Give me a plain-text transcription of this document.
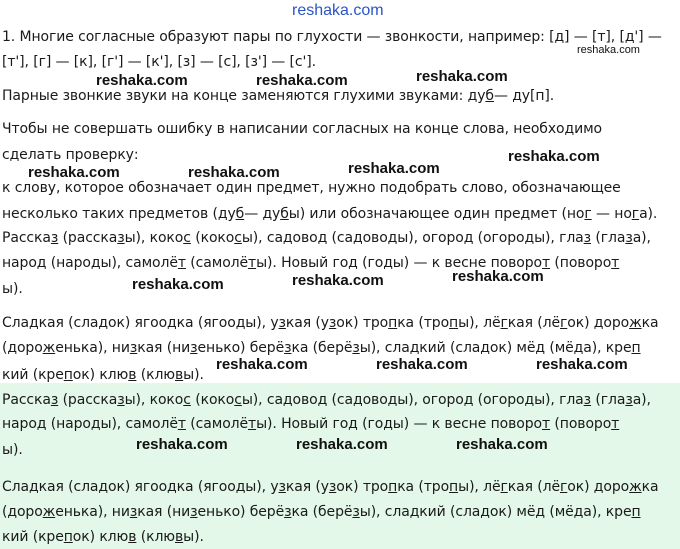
reshaka.com
1. Многие согласные образуют пары по глухости — звонкости, например: [д] — [т], [д'] —
[т'], [г] — [к], [г'] — [к'], [з] — [с], [з'] — [с'].
reshaka.com
reshaka.com	reshaka.com	reshaka.com
Парные звонкие звуки на конце заменяются глухими звуками: дуб— ду[п].
Чтобы не совершать ошибку в написании согласных на конце слова, необходимо
сделать проверку:	reshaka.com
reshaka.com	reshaka.com	reshaka.com
к слову, которое обозначает один предмет, нужно подобрать слово, обозначающее
несколько таких предметов (дуб— дубы) или обозначающее один предмет (ног — нога).
Рассказ (рассказы), кокос (кокосы), садовод (садоводы), огород (огороды), глаз (глаза),
народ (народы), самолёт (самолёты). Новый год (годы) — к весне поворот (поворот
reshaka.com
reshaka.com
reshaka.com
ы).
Сладкая (сладок) ягоодка (ягооды), узкая (узок) тропка (тропы), лёгкая (лёгок) дорожка
(дороженька), низкая (низенько) берёзка (берёзы), сладкий (сладок) мёд (мёда), креп
reshaka.com	reshaka.com	reshaka.com
кий (крепок) клюв (клювы).
Рассказ (рассказы), кокос (кокосы), садовод (садоводы), огород (огороды), глаз (глаза),
народ (народы), самолёт (самолёты). Новый год (годы) — к весне поворот (поворот
reshaka.com	reshaka.com	reshaka.com
ы).
Сладкая (сладок) ягоодка (ягооды), узкая (узок) тропка (тропы), лёгкая (лёгок) дорожка
(дороженька), низкая (низенько) берёзка (берёзы), сладкий (сладок) мёд (мёда), креп
кий (крепок) клюв (клювы).
